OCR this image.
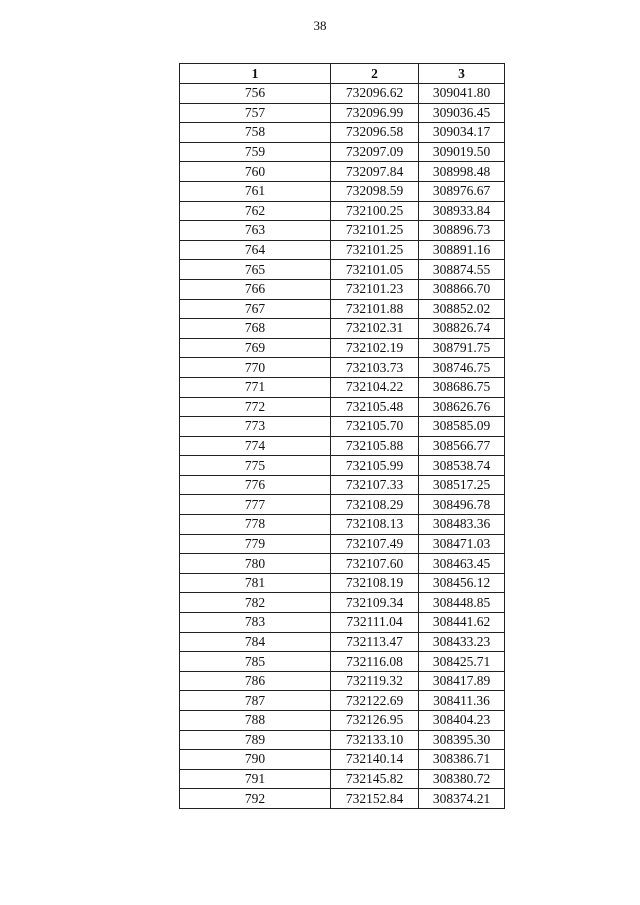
38
1	2	3
756	732096.62	309041.80
757	732096.99	309036.45
758	732096.58	309034.17
759	732097.09	309019.50
760	732097.84	308998.48
761	732098.59	308976.67
762	732100.25	308933.84
763	732101.25	308896.73
764	732101.25	308891.16
765	732101.05	308874.55
766	732101.23	308866.70
767	732101.88	308852.02
768	732102.31	308826.74
769	732102.19	308791.75
770	732103.73	308746.75
771	732104.22	308686.75
772	732105.48	308626.76
773	732105.70	308585.09
774	732105.88	308566.77
775	732105.99	308538.74
776	732107.33	308517.25
777	732108.29	308496.78
778	732108.13	308483.36
779	732107.49	308471.03
780	732107.60	308463.45
781	732108.19	308456.12
782	732109.34	308448.85
783	732111.04	308441.62
784	732113.47	308433.23
785	732116.08	308425.71
786	732119.32	308417.89
787	732122.69	308411.36
788	732126.95	308404.23
789	732133.10	308395.30
790	732140.14	308386.71
791	732145.82	308380.72
792	732152.84	308374.21
